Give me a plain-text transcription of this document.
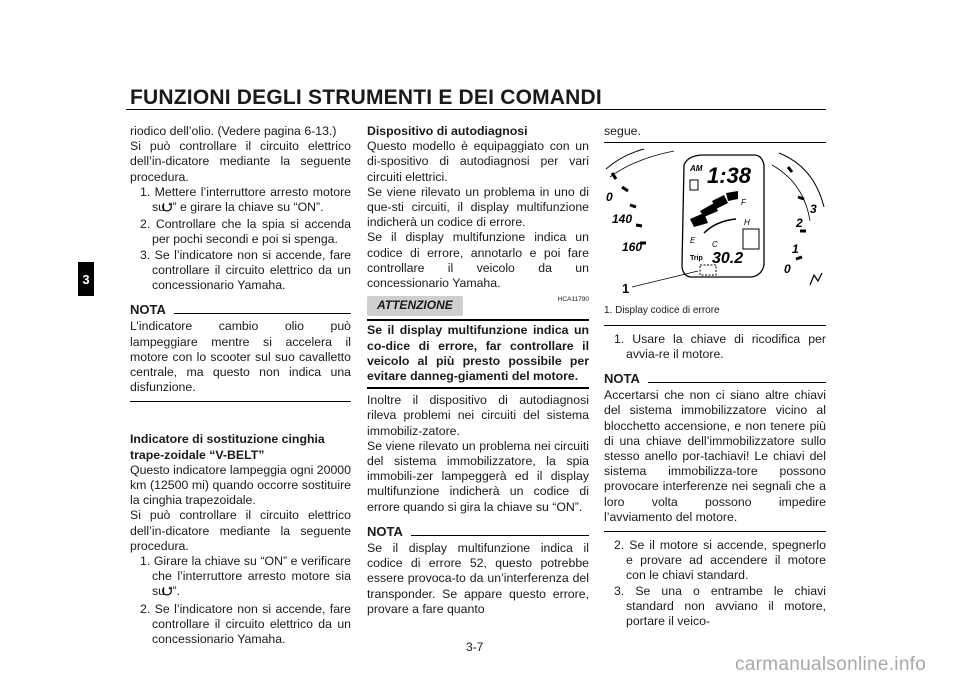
FUNZIONI DEGLI STRUMENTI E DEI COMANDI
3

riodico dell’olio. (Vedere pagina 6-13.)

Si può controllare il circuito elettrico dell’in-dicatore mediante la seguente procedura.

1. Mettere l’interruttore arresto motore su “” e girare la chiave su “ON”.

2. Controllare che la spia si accenda per pochi secondi e poi si spenga.

3. Se l’indicatore non si accende, fare controllare il circuito elettrico da un concessionario Yamaha.

NOTA

L’indicatore cambio olio può lampeggiare mentre si accelera il motore con lo scooter sul suo cavalletto centrale, ma questo non indica una disfunzione.

Indicatore di sostituzione cinghia trape-zoidale “V-BELT”

Questo indicatore lampeggia ogni 20000 km (12500 mi) quando occorre sostituire la cinghia trapezoidale.

Si può controllare il circuito elettrico dell’in-dicatore mediante la seguente procedura.

1. Girare la chiave su “ON” e verificare che l’interruttore arresto motore sia su “”.

2. Se l’indicatore non si accende, fare controllare il circuito elettrico da un concessionario Yamaha.

Dispositivo di autodiagnosi

Questo modello è equipaggiato con un di-spositivo di autodiagnosi per vari circuiti elettrici.

Se viene rilevato un problema in uno di que-sti circuiti, il display multifunzione indicherà un codice di errore.

Se il display multifunzione indica un codice di errore, annotarlo e poi fare controllare il veicolo da un concessionario Yamaha.

ATTENZIONE	HCA11790
Se il display multifunzione indica un co-dice di errore, far controllare il veicolo al più presto possibile per evitare danneg-giamenti del motore.

Inoltre il dispositivo di autodiagnosi rileva problemi nei circuiti del sistema immobiliz-zatore.

Se viene rilevato un problema nei circuiti del sistema immobilizzatore, la spia immobili-zer lampeggerà ed il display multifunzione indicherà un codice di errore quando si gira la chiave su “ON”.

NOTA

Se il display multifunzione indica il codice di errore 52, questo potrebbe essere provoca-to da un’interferenza del transponder. Se appare questo errore, provare a fare quanto

segue.

0
140
160
AM 1:38
F
H
E C
Trip 30.2
1
3
2
1
0
1. Display codice di errore

1. Usare la chiave di ricodifica per avvia-re il motore.

NOTA

Accertarsi che non ci siano altre chiavi del sistema immobilizzatore vicino al blocchetto accensione, e non tenere più di una chiave dell’immobilizzatore sullo stesso anello por-tachiavi! Le chiavi del sistema immobilizza-tore possono provocare interferenze nei segnali che a loro volta possono impedire l’avviamento del motore.

2. Se il motore si accende, spegnerlo e provare ad accendere il motore con le chiavi standard.

3. Se una o entrambe le chiavi standard non avviano il motore, portare il veico-

3-7
carmanualsonline.info
